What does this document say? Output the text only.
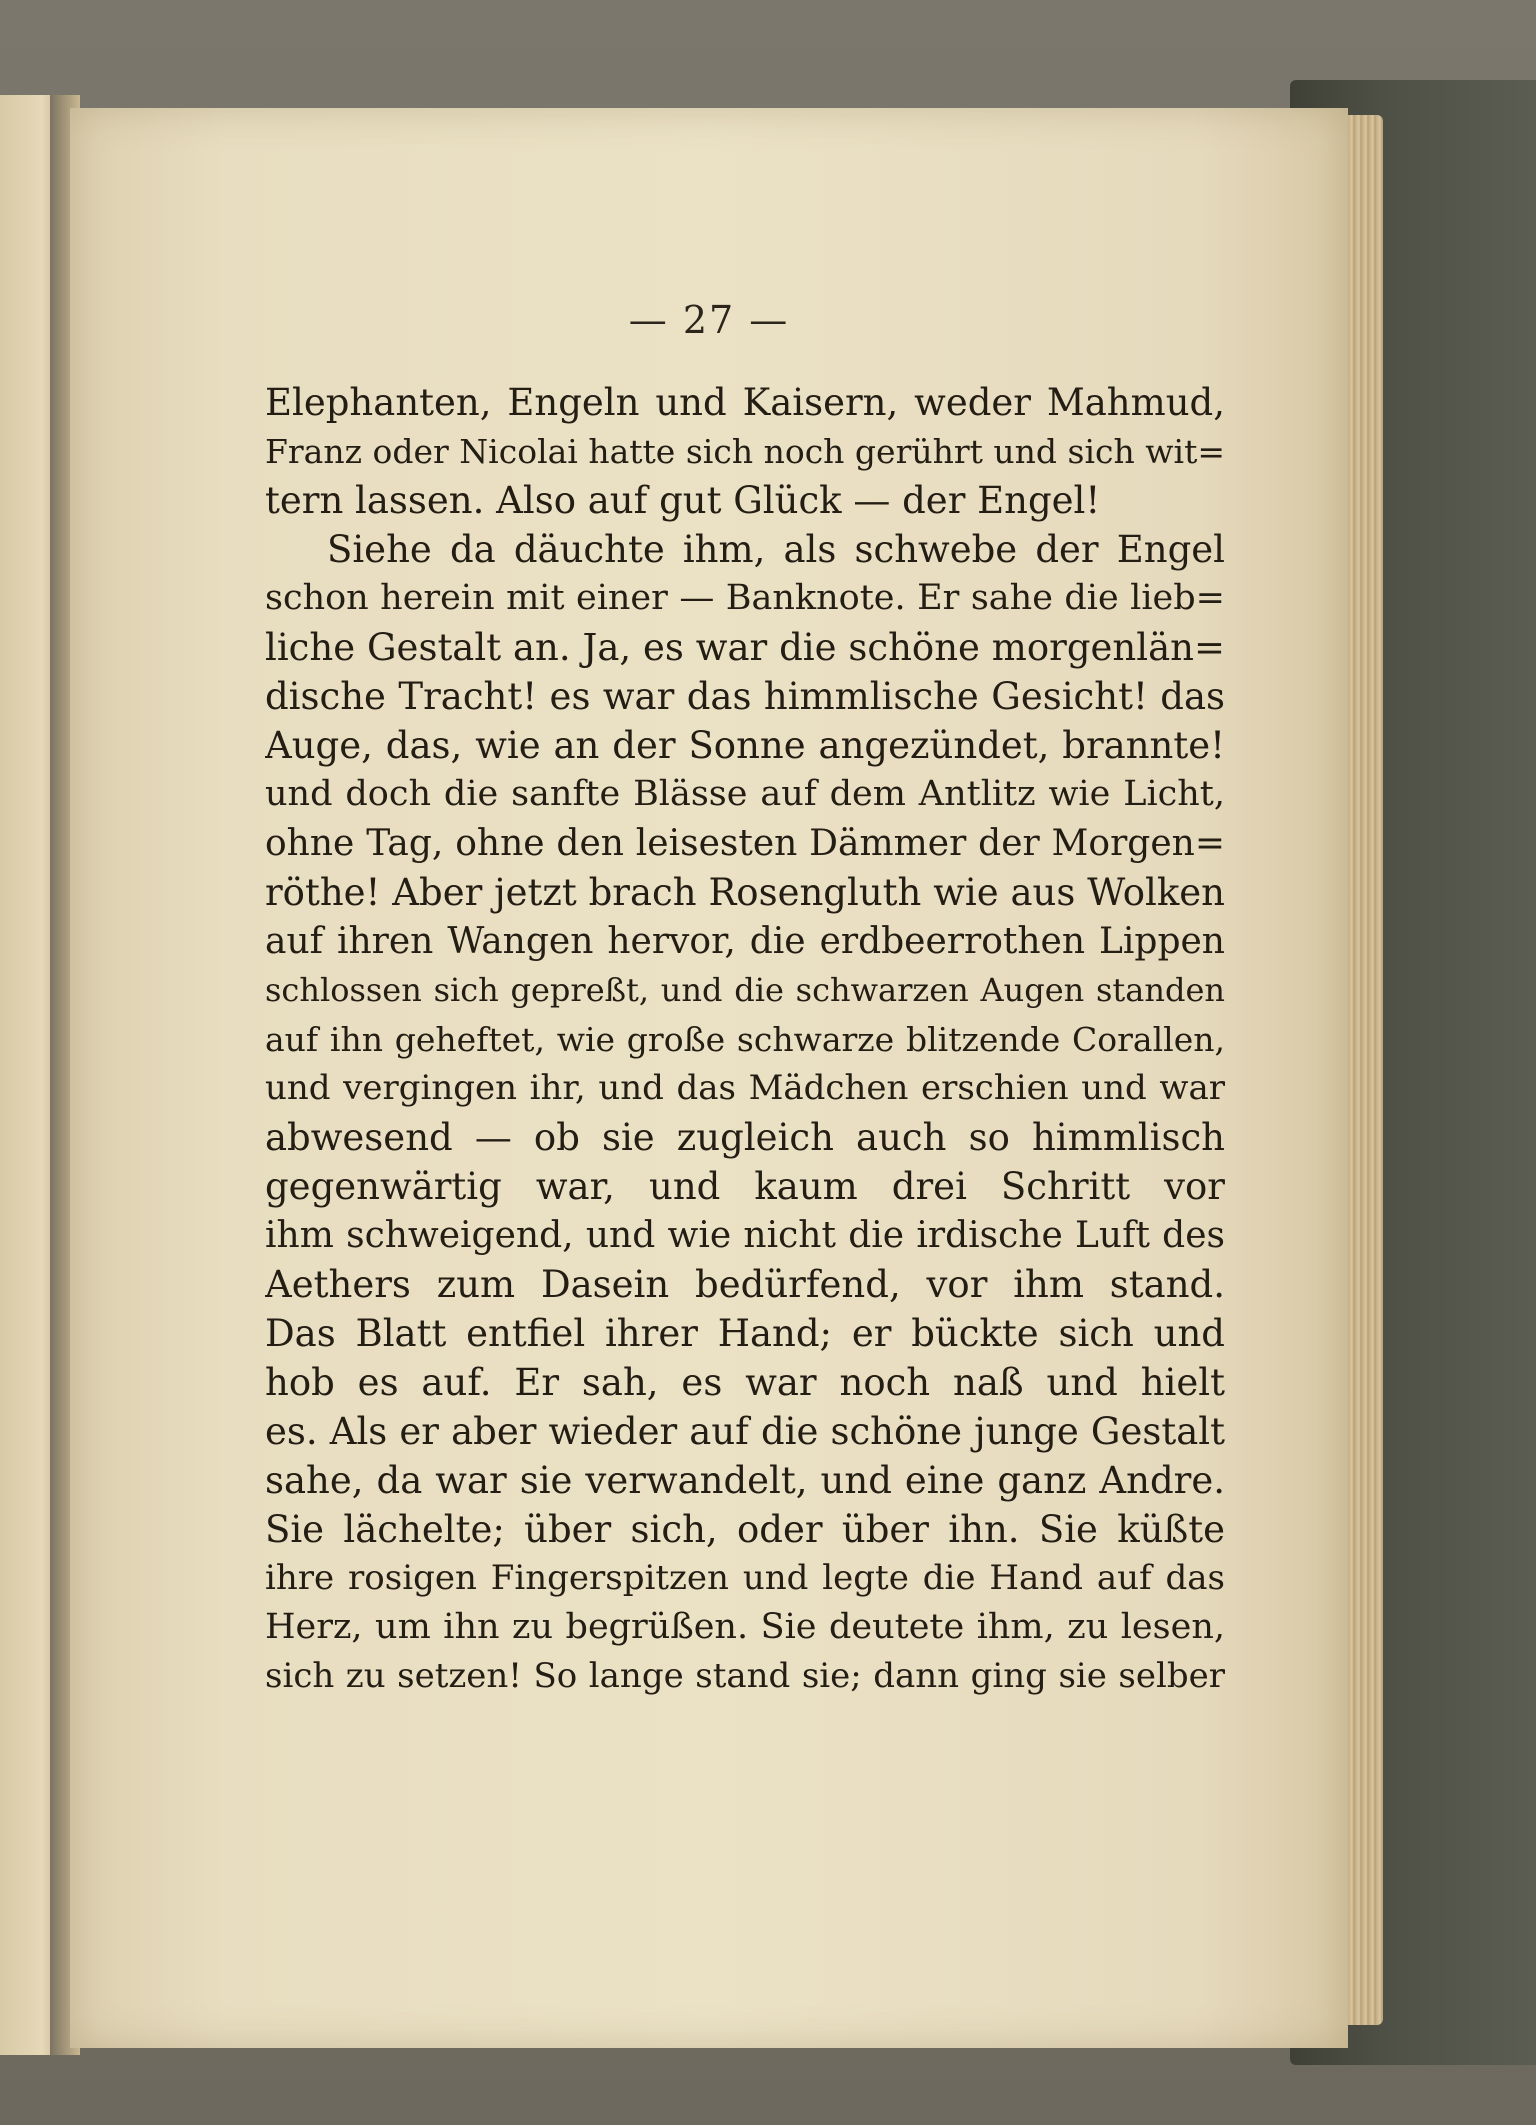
— 27 —
Elephanten, Engeln und Kaisern, weder Mahmud,
Franz oder Nicolai hatte sich noch gerührt und sich wit=
tern lassen. Also auf gut Glück — der Engel!
Siehe da däuchte ihm, als schwebe der Engel
schon herein mit einer — Banknote. Er sahe die lieb=
liche Gestalt an. Ja, es war die schöne morgenlän=
dische Tracht! es war das himmlische Gesicht! das
Auge, das, wie an der Sonne angezündet, brannte!
und doch die sanfte Blässe auf dem Antlitz wie Licht,
ohne Tag, ohne den leisesten Dämmer der Morgen=
röthe! Aber jetzt brach Rosengluth wie aus Wolken
auf ihren Wangen hervor, die erdbeerrothen Lippen
schlossen sich gepreßt, und die schwarzen Augen standen
auf ihn geheftet, wie große schwarze blitzende Corallen,
und vergingen ihr, und das Mädchen erschien und war
abwesend — ob sie zugleich auch so himmlisch
gegenwärtig war, und kaum drei Schritt vor
ihm schweigend, und wie nicht die irdische Luft des
Aethers zum Dasein bedürfend, vor ihm stand.
Das Blatt entfiel ihrer Hand; er bückte sich und
hob es auf. Er sah, es war noch naß und hielt
es. Als er aber wieder auf die schöne junge Gestalt
sahe, da war sie verwandelt, und eine ganz Andre.
Sie lächelte; über sich, oder über ihn. Sie küßte
ihre rosigen Fingerspitzen und legte die Hand auf das
Herz, um ihn zu begrüßen. Sie deutete ihm, zu lesen,
sich zu setzen! So lange stand sie; dann ging sie selber
